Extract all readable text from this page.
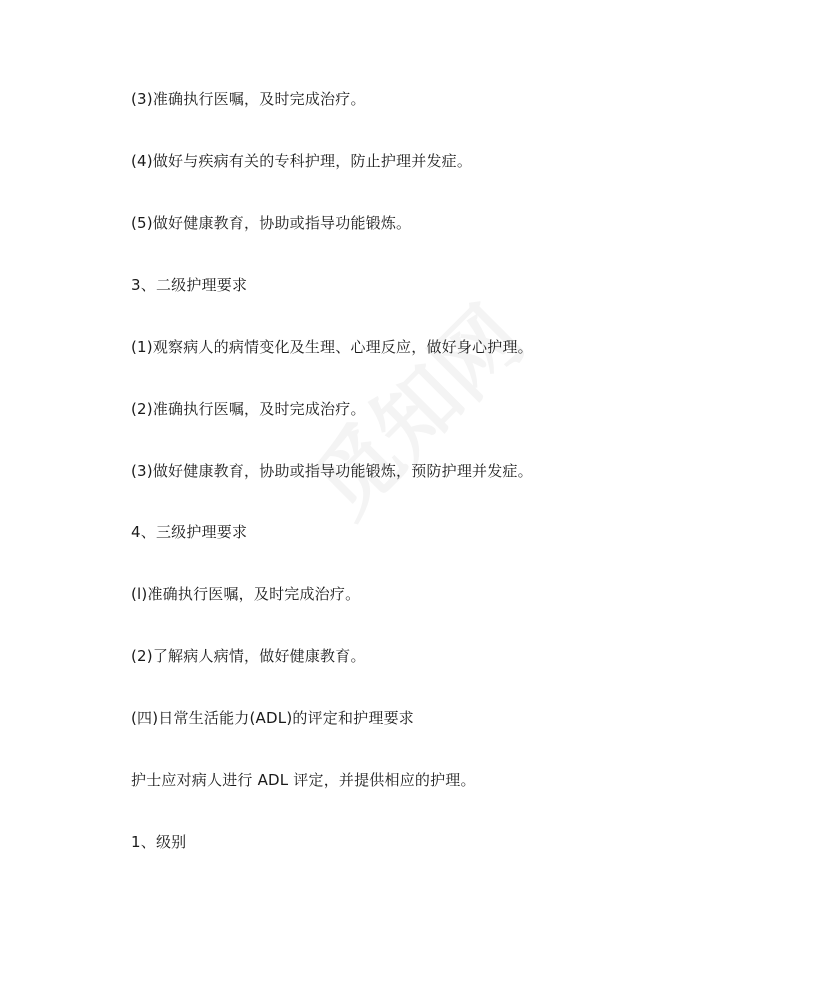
(3)准确执行医嘱，及时完成治疗。
(4)做好与疾病有关的专科护理，防止护理并发症。
(5)做好健康教育，协助或指导功能锻炼。
3、二级护理要求
(1)观察病人的病情变化及生理、心理反应，做好身心护理。
(2)准确执行医嘱，及时完成治疗。
(3)做好健康教育，协助或指导功能锻炼，预防护理并发症。
4、三级护理要求
(l)准确执行医嘱，及时完成治疗。
(2)了解病人病情，做好健康教育。
(四)日常生活能力(ADL)的评定和护理要求
护士应对病人进行 ADL 评定，并提供相应的护理。
1、级别
